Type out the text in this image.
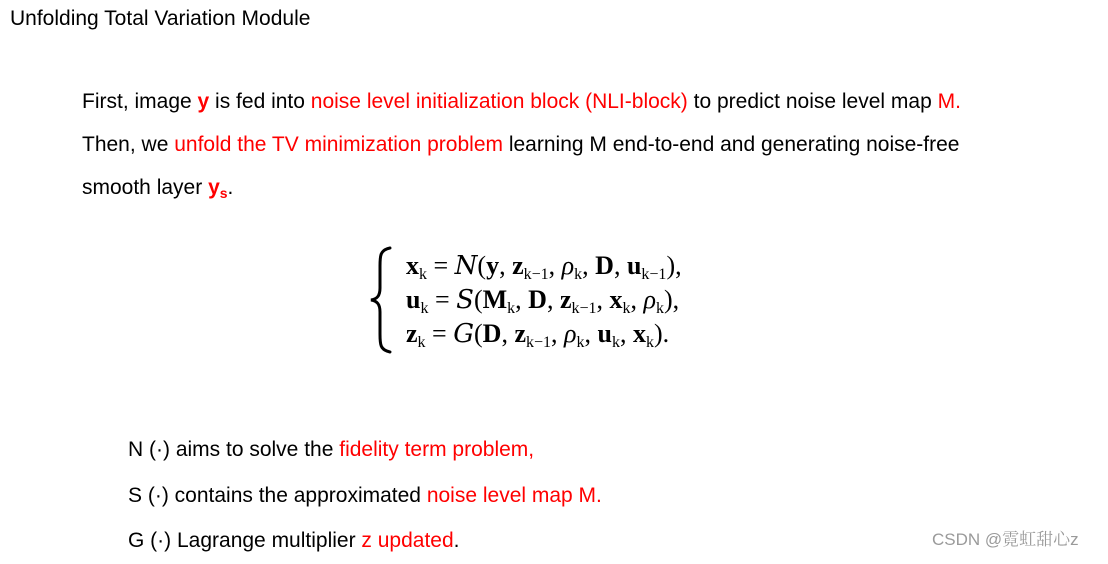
Unfolding Total Variation Module
First, image y is fed into noise level initialization block (NLI-block) to predict noise level map M.
Then, we unfold the TV minimization problem learning M end-to-end and generating noise-free
smooth layer $y_s$.
$x_k = N(y$, $z_{k-1}$, $\rho_k$, D, $u_{k-1}$),
$u_k = S(M_k$, D, $z_{k-1}$, $x_k$, $\rho_k$),
$z_k = G(D$, $z_{k-1}$, $\rho_k$, $u_k$, $x_k$).
N (·) aims to solve the fidelity term problem,
S (·) contains the approximated noise level map M.
G (·) Lagrange multiplier z updated.	CSDN @霓虹甜心z
